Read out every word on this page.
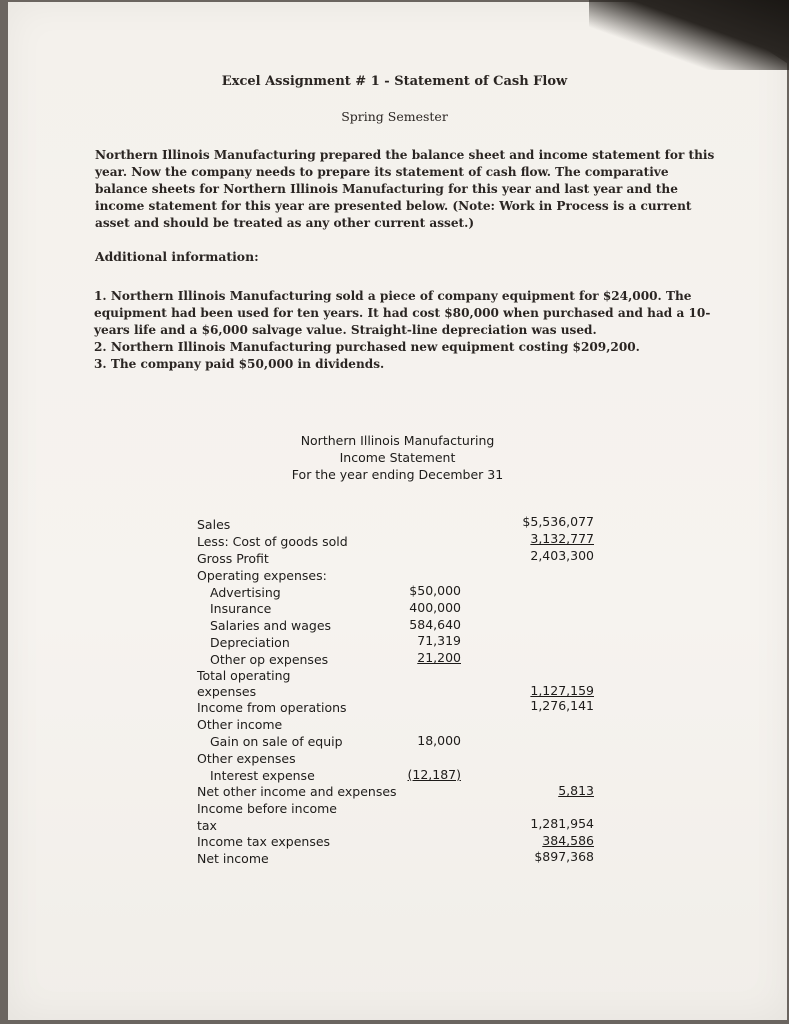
Excel Assignment # 1 - Statement of Cash Flow
Spring Semester
Northern Illinois Manufacturing prepared the balance sheet and income statement for this
year. Now the company needs to prepare its statement of cash flow. The comparative
balance sheets for Northern Illinois Manufacturing for this year and last year and the
income statement for this year are presented below. (Note: Work in Process is a current
asset and should be treated as any other current asset.)
Additional information:
1. Northern Illinois Manufacturing sold a piece of company equipment for $24,000. The
equipment had been used for ten years. It had cost $80,000 when purchased and had a 10-
years life and a $6,000 salvage value. Straight-line depreciation was used.
2. Northern Illinois Manufacturing purchased new equipment costing $209,200.
3. The company paid $50,000 in dividends.
Northern Illinois Manufacturing
Income Statement
For the year ending December 31
Sales	$5,536,077
Less: Cost of goods sold	3,132,777
Gross Profit	2,403,300
Operating expenses:
Advertising	$50,000
Insurance	400,000
Salaries and wages	584,640
Depreciation	71,319
Other op expenses	21,200
Total operating
expenses	1,127,159
Income from operations	1,276,141
Other income
Gain on sale of equip	18,000
Other expenses
Interest expense	(12,187)
Net other income and expenses	5,813
Income before income
tax	1,281,954
Income tax expenses	384,586
Net income	$897,368
